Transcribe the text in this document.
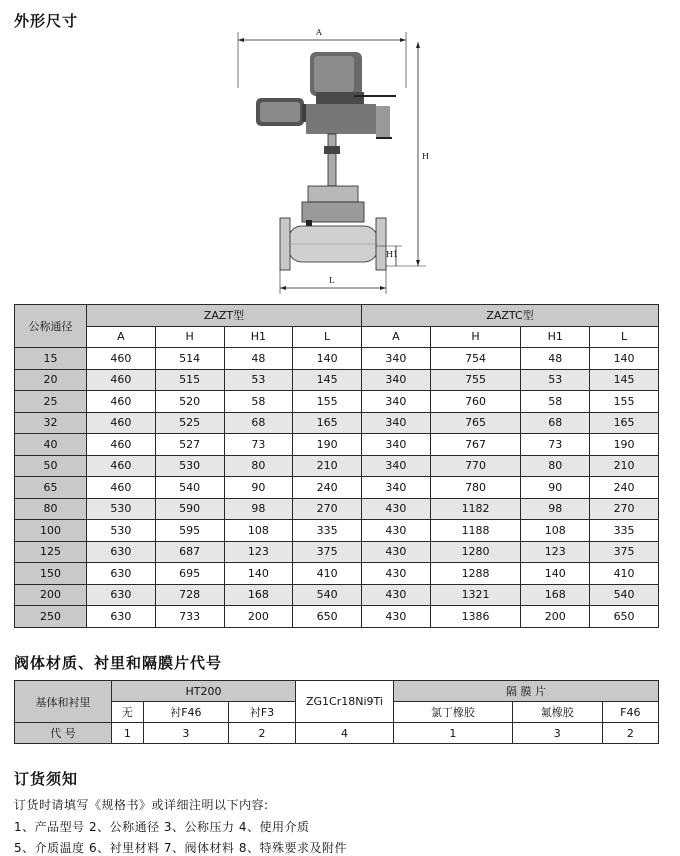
外形尺寸
A
H
H1
L
公称通径	ZAZT型				ZAZTC型			
	A	H	H1	L	A	H	H1	L
15	460	514	48	140	340	754	48	140
20	460	515	53	145	340	755	53	145
25	460	520	58	155	340	760	58	155
32	460	525	68	165	340	765	68	165
40	460	527	73	190	340	767	73	190
50	460	530	80	210	340	770	80	210
65	460	540	90	240	340	780	90	240
80	530	590	98	270	430	1182	98	270
100	530	595	108	335	430	1188	108	335
125	630	687	123	375	430	1280	123	375
150	630	695	140	410	430	1288	140	410
200	630	728	168	540	430	1321	168	540
250	630	733	200	650	430	1386	200	650
阀体材质、衬里和隔膜片代号
基体和衬里	HT200			ZG1Cr18Ni9Ti	隔 膜 片		
	无	衬F46	衬F3		氯丁橡胶	氟橡胶	F46
代 号	1	3	2	4	1	3	2
订货须知
订货时请填写《规格书》或详细注明以下内容:
1、产品型号 2、公称通径 3、公称压力 4、使用介质
5、介质温度 6、衬里材料 7、阀体材料 8、特殊要求及附件
